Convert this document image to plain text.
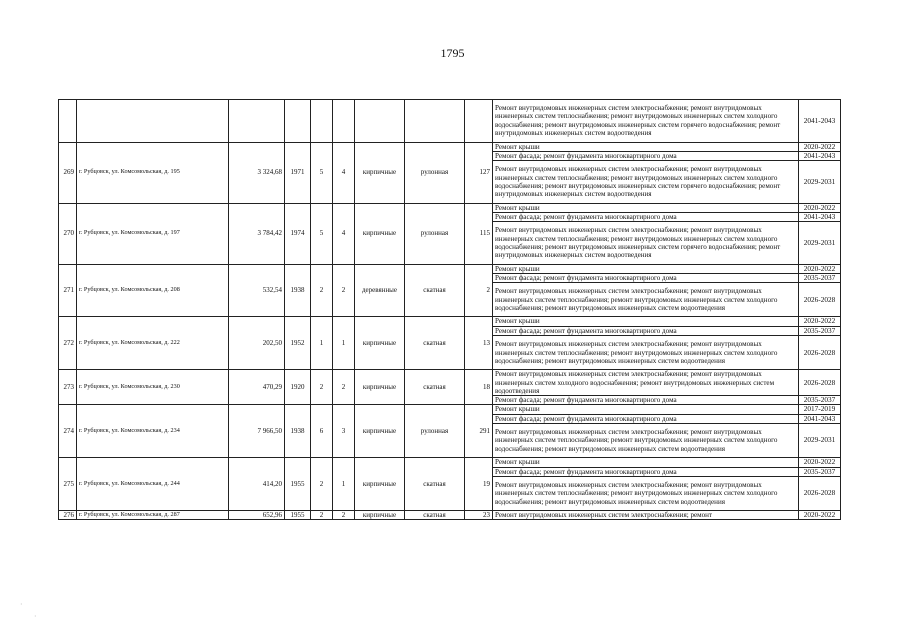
1795
									Ремонт внутридомовых инженерных систем электроснабжения; ремонт внутридомовых инженерных систем теплоснабжения; ремонт внутридомовых инженерных систем холодного водоснабжения; ремонт внутридомовых инженерных систем горячего водоснабжения; ремонт внутридомовых инженерных систем водоотведения	2041-2043
269	г. Рубцовск, ул. Комсомольская, д. 195	3 324,68	1971	5	4	кирпичные	рулонная	127	Ремонт крыши	2020-2022
									Ремонт фасада; ремонт фундамента многоквартирного дома	2041-2043
									Ремонт внутридомовых инженерных систем электроснабжения; ремонт внутридомовых инженерных систем теплоснабжения; ремонт внутридомовых инженерных систем холодного водоснабжения; ремонт внутридомовых инженерных систем горячего водоснабжения; ремонт внутридомовых инженерных систем водоотведения	2029-2031
270	г. Рубцовск, ул. Комсомольская, д. 197	3 784,42	1974	5	4	кирпичные	рулонная	115	Ремонт крыши	2020-2022
									Ремонт фасада; ремонт фундамента многоквартирного дома	2041-2043
									Ремонт внутридомовых инженерных систем электроснабжения; ремонт внутридомовых инженерных систем теплоснабжения; ремонт внутридомовых инженерных систем холодного водоснабжения; ремонт внутридомовых инженерных систем горячего водоснабжения; ремонт внутридомовых инженерных систем водоотведения	2029-2031
271	г. Рубцовск, ул. Комсомольская, д. 208	532,54	1938	2	2	деревянные	скатная	2	Ремонт крыши	2020-2022
									Ремонт фасада; ремонт фундамента многоквартирного дома	2035-2037
									Ремонт внутридомовых инженерных систем электроснабжения; ремонт внутридомовых инженерных систем теплоснабжения; ремонт внутридомовых инженерных систем холодного водоснабжения; ремонт внутридомовых инженерных систем водоотведения	2026-2028
272	г. Рубцовск, ул. Комсомольская, д. 222	202,50	1952	1	1	кирпичные	скатная	13	Ремонт крыши	2020-2022
									Ремонт фасада; ремонт фундамента многоквартирного дома	2035-2037
									Ремонт внутридомовых инженерных систем электроснабжения; ремонт внутридомовых инженерных систем теплоснабжения; ремонт внутридомовых инженерных систем холодного водоснабжения; ремонт внутридомовых инженерных систем водоотведения	2026-2028
273	г. Рубцовск, ул. Комсомольская, д. 230	470,29	1920	2	2	кирпичные	скатная	18	Ремонт внутридомовых инженерных систем электроснабжения; ремонт внутридомовых инженерных систем холодного водоснабжения; ремонт внутридомовых инженерных систем водоотведения	2026-2028
									Ремонт фасада; ремонт фундамента многоквартирного дома	2035-2037
274	г. Рубцовск, ул. Комсомольская, д. 234	7 966,50	1938	6	3	кирпичные	рулонная	291	Ремонт крыши	2017-2019
									Ремонт фасада; ремонт фундамента многоквартирного дома	2041-2043
									Ремонт внутридомовых инженерных систем электроснабжения; ремонт внутридомовых инженерных систем теплоснабжения; ремонт внутридомовых инженерных систем холодного водоснабжения; ремонт внутридомовых инженерных систем водоотведения	2029-2031
275	г. Рубцовск, ул. Комсомольская, д. 244	414,20	1955	2	1	кирпичные	скатная	19	Ремонт крыши	2020-2022
									Ремонт фасада; ремонт фундамента многоквартирного дома	2035-2037
									Ремонт внутридомовых инженерных систем электроснабжения; ремонт внутридомовых инженерных систем теплоснабжения; ремонт внутридомовых инженерных систем холодного водоснабжения; ремонт внутридомовых инженерных систем водоотведения	2026-2028
276	г. Рубцовск, ул. Комсомольская, д. 287	652,96	1955	2	2	кирпичные	скатная	23	Ремонт внутридомовых инженерных систем электроснабжения; ремонт	2020-2022
·
·
